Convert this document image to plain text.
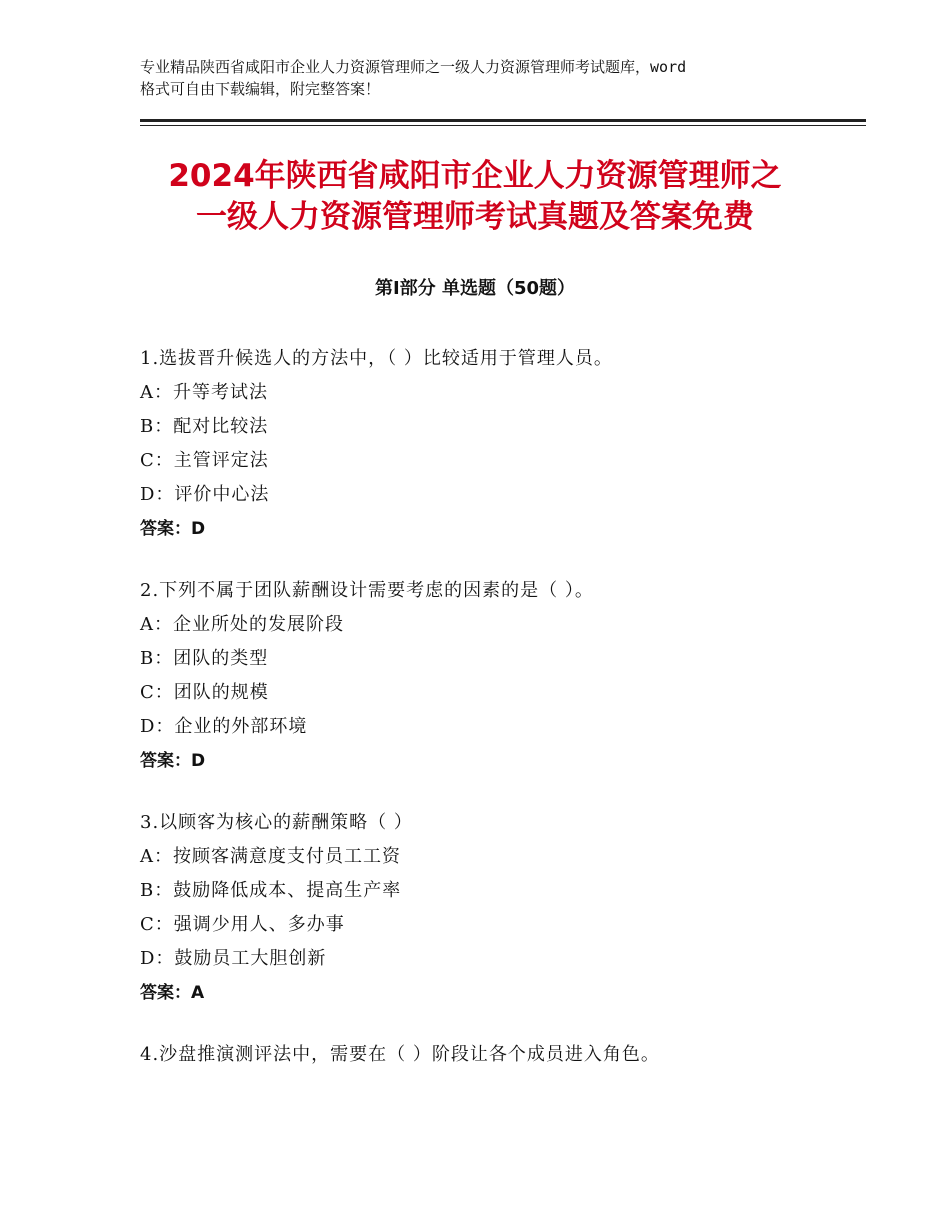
专业精品陕西省咸阳市企业人力资源管理师之一级人力资源管理师考试题库，word
格式可自由下载编辑，附完整答案！
2024年陕西省咸阳市企业人力资源管理师之
一级人力资源管理师考试真题及答案免费
第Ⅰ部分 单选题（50题）
1.选拔晋升候选人的方法中，（ ）比较适用于管理人员。
A：升等考试法
B：配对比较法
C：主管评定法
D：评价中心法
答案：D
2.下列不属于团队薪酬设计需要考虑的因素的是（ ）。
A：企业所处的发展阶段
B：团队的类型
C：团队的规模
D：企业的外部环境
答案：D
3.以顾客为核心的薪酬策略（ ）
A：按顾客满意度支付员工工资
B：鼓励降低成本、提高生产率
C：强调少用人、多办事
D：鼓励员工大胆创新
答案：A
4.沙盘推演测评法中，需要在（ ）阶段让各个成员进入角色。
